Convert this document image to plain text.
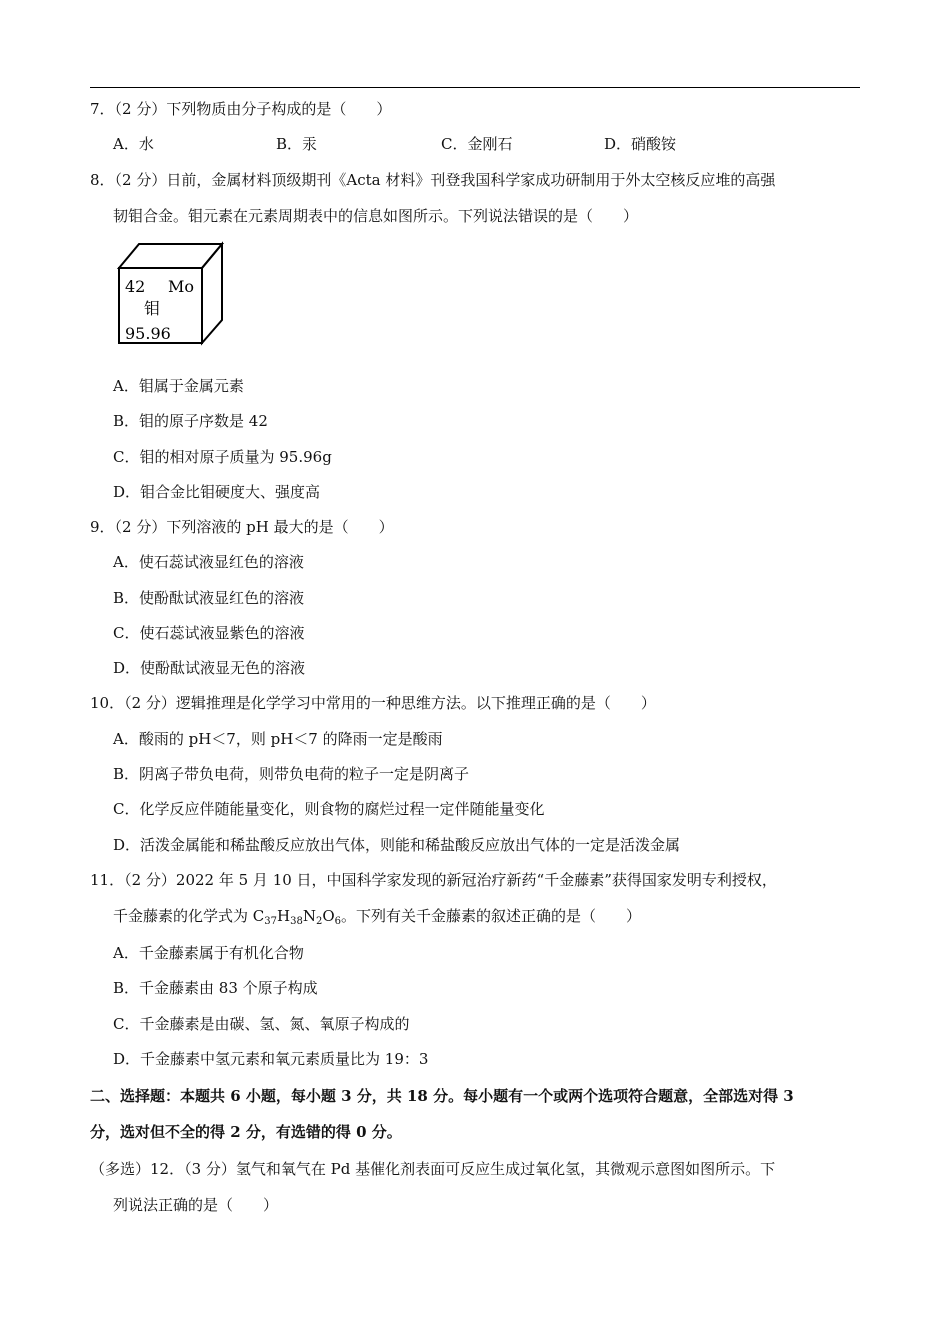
7．（2 分）下列物质由分子构成的是（　　）
A．水	B．汞	C．金刚石	D．硝酸铵
8．（2 分）日前，金属材料顶级期刊《Acta 材料》刊登我国科学家成功研制用于外太空核反应堆的高强
韧钼合金。钼元素在元素周期表中的信息如图所示。下列说法错误的是（　　）
42 Mo
钼
95.96
A．钼属于金属元素
B．钼的原子序数是 42
C．钼的相对原子质量为 95.96g
D．钼合金比钼硬度大、强度高
9．（2 分）下列溶液的 pH 最大的是（　　）
A．使石蕊试液显红色的溶液
B．使酚酞试液显红色的溶液
C．使石蕊试液显紫色的溶液
D．使酚酞试液显无色的溶液
10．（2 分）逻辑推理是化学学习中常用的一种思维方法。以下推理正确的是（　　）
A．酸雨的 pH＜7，则 pH＜7 的降雨一定是酸雨
B．阴离子带负电荷，则带负电荷的粒子一定是阴离子
C．化学反应伴随能量变化，则食物的腐烂过程一定伴随能量变化
D．活泼金属能和稀盐酸反应放出气体，则能和稀盐酸反应放出气体的一定是活泼金属
11．（2 分）2022 年 5 月 10 日，中国科学家发现的新冠治疗新药“千金藤素”获得国家发明专利授权，
千金藤素的化学式为 $C_{37}H_{38}N_2O_6$。下列有关千金藤素的叙述正确的是（　　）
A．千金藤素属于有机化合物
B．千金藤素由 83 个原子构成
C．千金藤素是由碳、氢、氮、氧原子构成的
D．千金藤素中氢元素和氧元素质量比为 19：3
二、选择题：本题共 6 小题，每小题 3 分，共 18 分。每小题有一个或两个选项符合题意，全部选对得 3
分，选对但不全的得 2 分，有选错的得 0 分。
（多选）12．（3 分）氢气和氧气在 Pd 基催化剂表面可反应生成过氧化氢，其微观示意图如图所示。下
列说法正确的是（　　）
